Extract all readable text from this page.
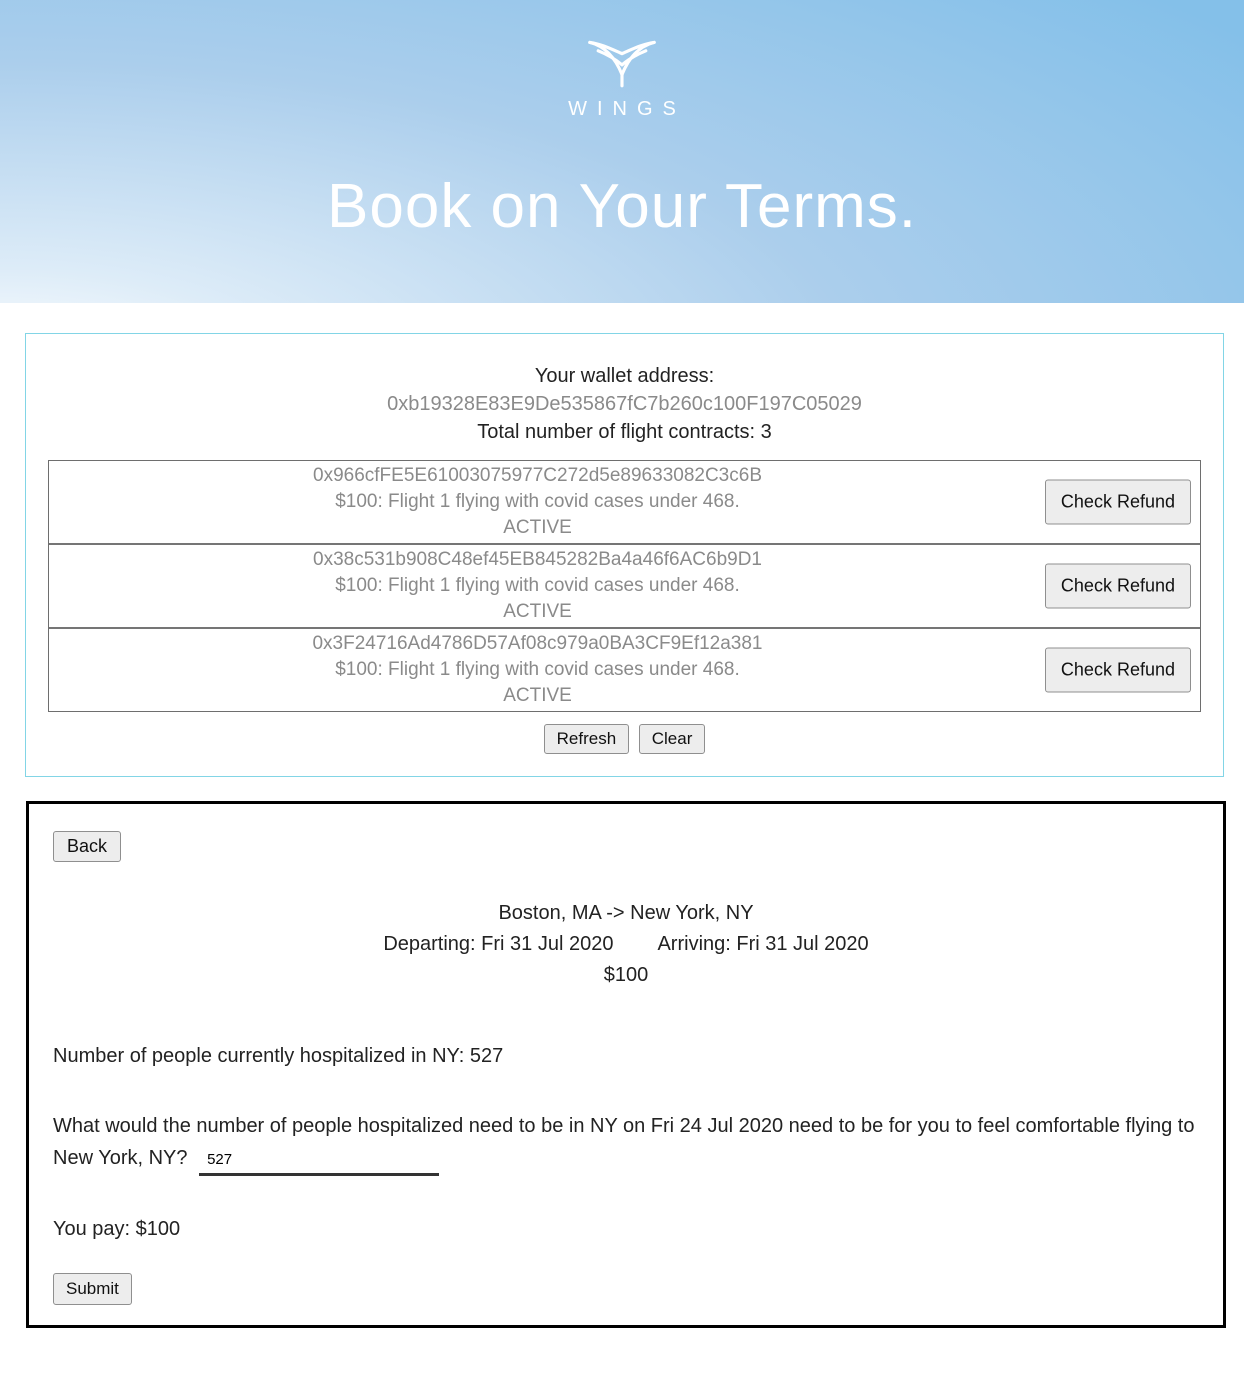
WINGS
Book on Your Terms.
Your wallet address:
0xb19328E83E9De535867fC7b260c100F197C05029
Total number of flight contracts: 3
0x966cfFE5E61003075977C272d5e89633082C3c6B
$100: Flight 1 flying with covid cases under 468.
ACTIVE
Check Refund
0x38c531b908C48ef45EB845282Ba4a46f6AC6b9D1
$100: Flight 1 flying with covid cases under 468.
ACTIVE
Check Refund
0x3F24716Ad4786D57Af08c979a0BA3CF9Ef12a381
$100: Flight 1 flying with covid cases under 468.
ACTIVE
Check Refund
Refresh Clear
Back
Boston, MA -> New York, NY
Departing: Fri 31 Jul 2020 Arriving: Fri 31 Jul 2020
$100

Number of people currently hospitalized in NY: 527

What would the number of people hospitalized need to be in NY on Fri 24 Jul 2020 need to be for you to feel comfortable flying to New York, NY? 527

You pay: $100

Submit
